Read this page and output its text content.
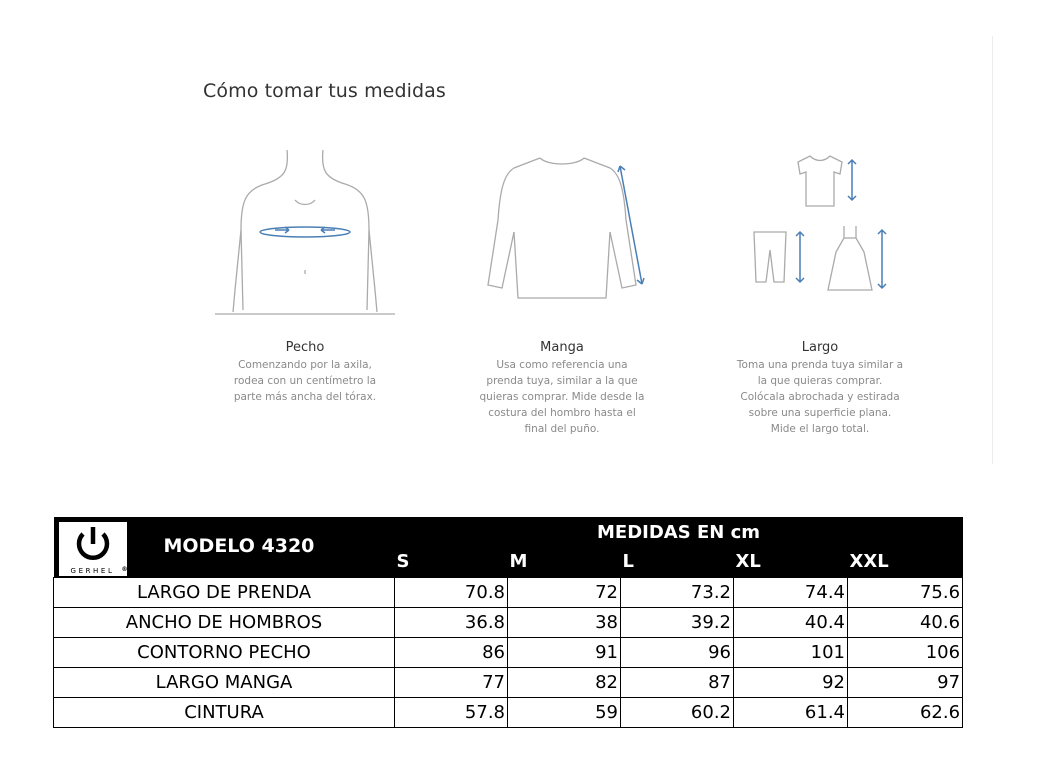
Cómo tomar tus medidas
Pecho
Comenzando por la axila,
rodea con un centímetro la
parte más ancha del tórax.
Manga
Usa como referencia una
prenda tuya, similar a la que
quieras comprar. Mide desde la
costura del hombro hasta el
final del puño.
Largo
Toma una prenda tuya similar a
la que quieras comprar.
Colócala abrochada y estirada
sobre una superficie plana.
Mide el largo total.
GERHEL ®
MODELO 4320	MEDIDAS EN cm				
	S	M	L	XL	XXL
LARGO DE PRENDA	70.8	72	73.2	74.4	75.6
ANCHO DE HOMBROS	36.8	38	39.2	40.4	40.6
CONTORNO PECHO	86	91	96	101	106
LARGO MANGA	77	82	87	92	97
CINTURA	57.8	59	60.2	61.4	62.6
